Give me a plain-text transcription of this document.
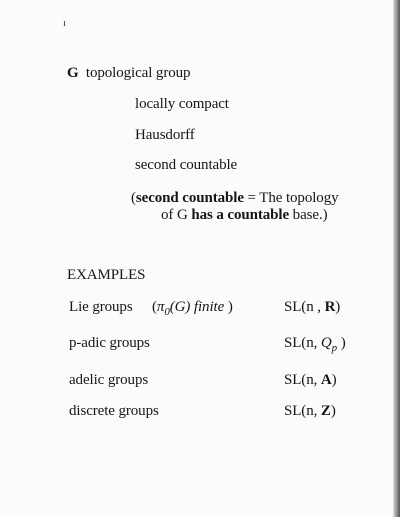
ı
G topological group
locally compact
Hausdorff
second countable
(second countable = The topology
of G has a countable base.)
EXAMPLES
Lie groups ($\pi_0(G)$ finite )	SL(n , R)
p-adic groups	SL(n, $Q_p$ )
adelic groups	SL(n, A)
discrete groups	SL(n, Z)
